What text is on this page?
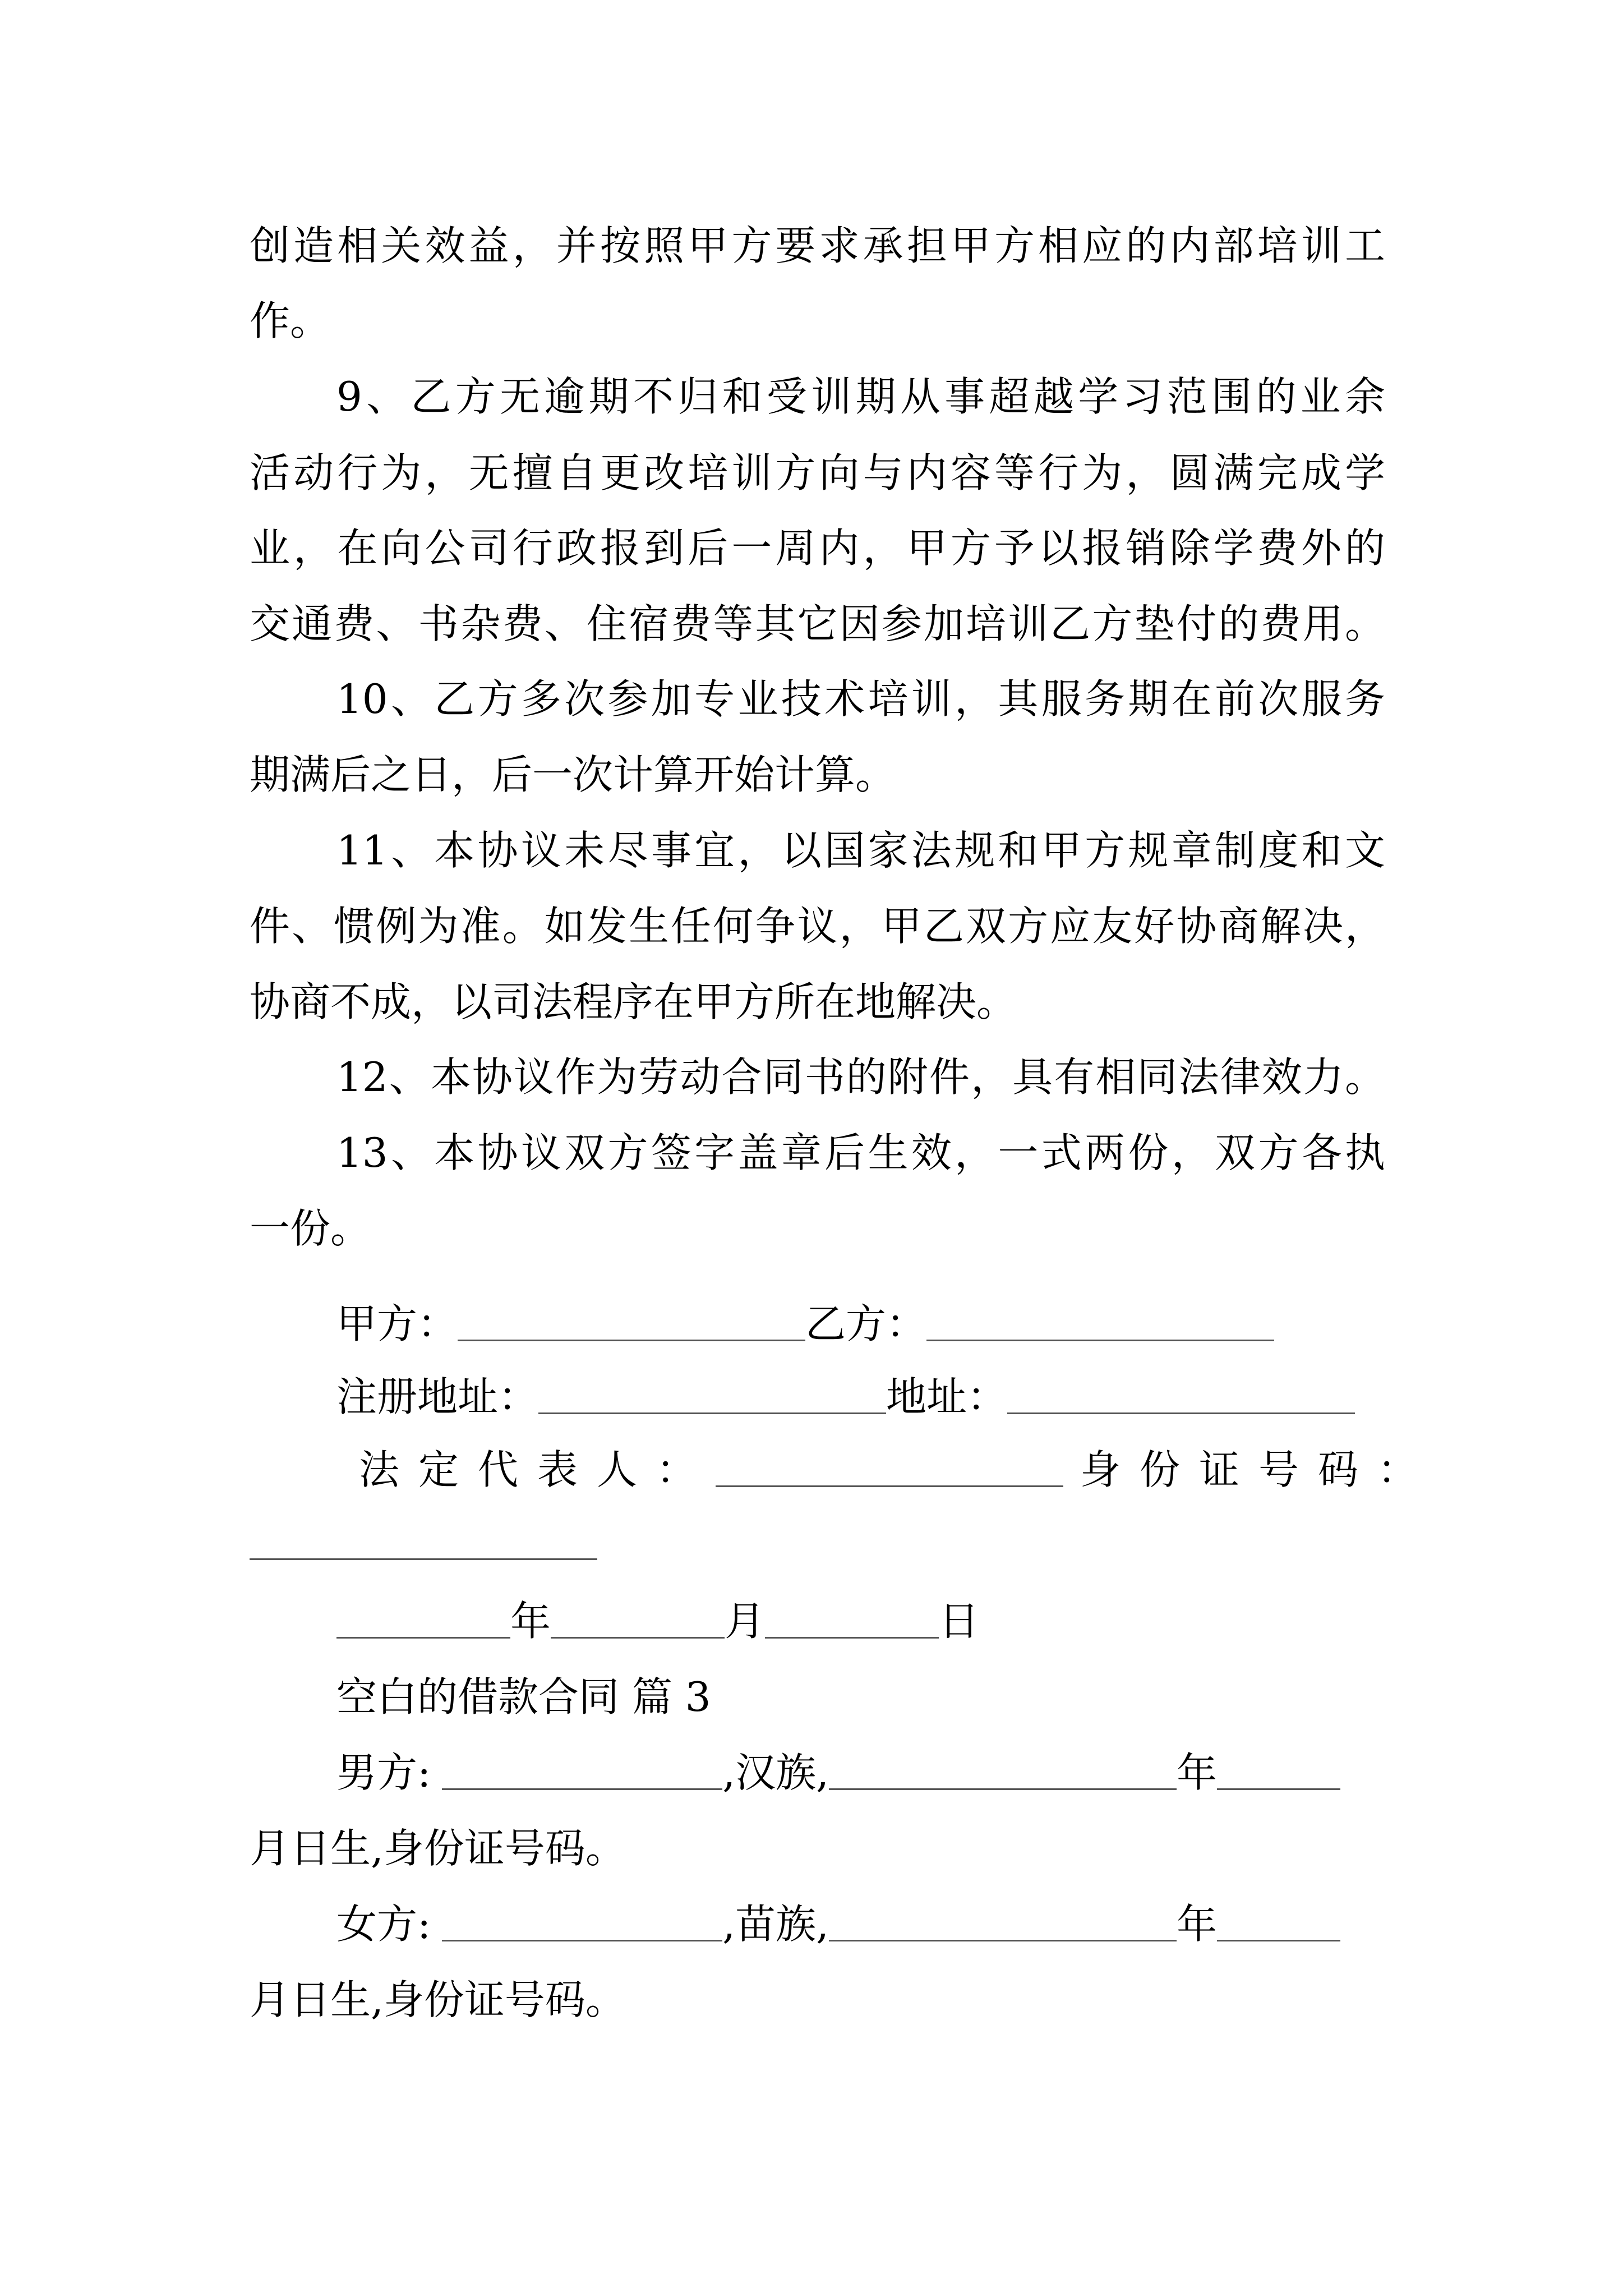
创造相关效益，并按照甲方要求承担甲方相应的内部培训工
作。
9、乙方无逾期不归和受训期从事超越学习范围的业余
活动行为，无擅自更改培训方向与内容等行为，圆满完成学
业，在向公司行政报到后一周内，甲方予以报销除学费外的
交通费、书杂费、住宿费等其它因参加培训乙方垫付的费用。
10、乙方多次参加专业技术培训，其服务期在前次服务
期满后之日，后一次计算开始计算。
11、本协议未尽事宜，以国家法规和甲方规章制度和文
件、惯例为准。如发生任何争议，甲乙双方应友好协商解决，
协商不成，以司法程序在甲方所在地解决。
12、本协议作为劳动合同书的附件，具有相同法律效力。
13、本协议双方签字盖章后生效，一式两份，双方各执
一份。
甲方：	乙方：
注册地址：	地址：
法定代表人：	身份证号码：
年	月	日
空白的借款合同 篇 3
男方:	,汉族,	年
月日生,身份证号码。
女方:	,苗族,	年
月日生,身份证号码。
